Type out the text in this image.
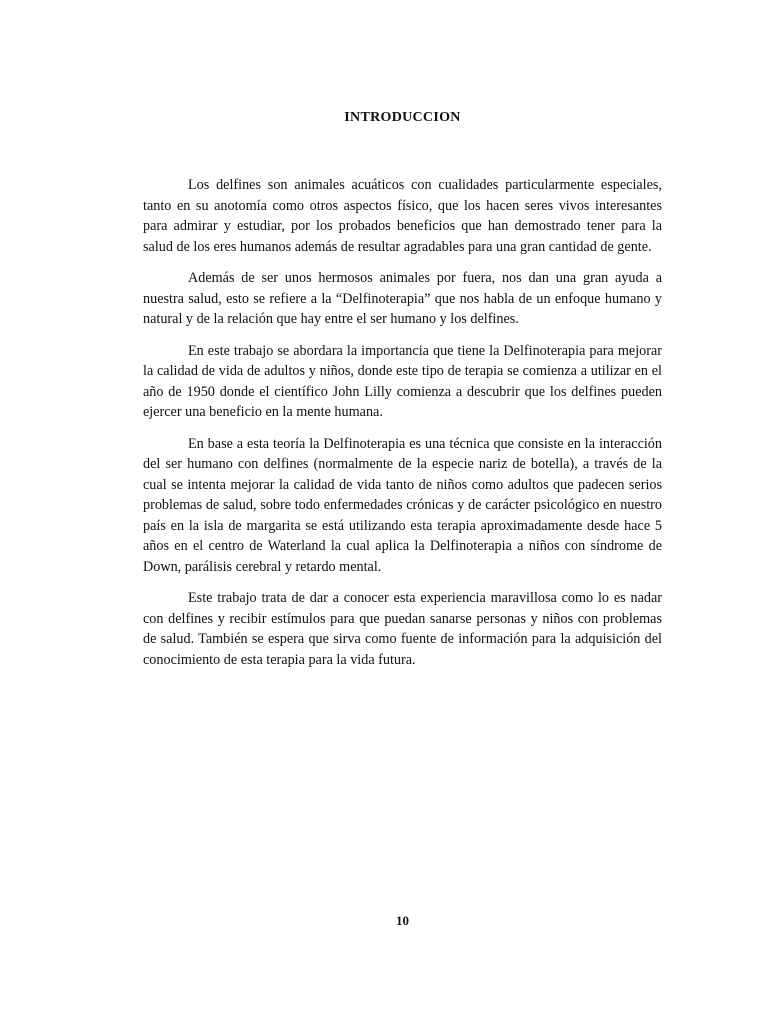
INTRODUCCION

Los delfines son animales acuáticos con cualidades particularmente especiales, tanto en su anotomía como otros aspectos físico, que los hacen seres vivos interesantes para admirar y estudiar, por los probados beneficios que han demostrado tener para la salud de los eres humanos además de resultar agradables para una gran cantidad de gente.

Además de ser unos hermosos animales por fuera, nos dan una gran ayuda a nuestra salud, esto se refiere a la “Delfinoterapia” que nos habla de un enfoque humano y natural y de la relación que hay entre el ser humano y los delfines.

En este trabajo se abordara la importancia que tiene la Delfinoterapia para mejorar la calidad de vida de adultos y niños, donde este tipo de terapia se comienza a utilizar en el año de 1950 donde el científico John Lilly comienza a descubrir que los delfines pueden ejercer una beneficio en la mente humana.

En base a esta teoría la Delfinoterapia es una técnica que consiste en la interacción del ser humano con delfines (normalmente de la especie nariz de botella), a través de la cual se intenta mejorar la calidad de vida tanto de niños como adultos que padecen serios problemas de salud, sobre todo enfermedades crónicas y de carácter psicológico en nuestro país en la isla de margarita se está utilizando esta terapia aproximadamente desde hace 5 años en el centro de Waterland la cual aplica la Delfinoterapia a niños con síndrome de Down, parálisis cerebral y retardo mental.

Este trabajo trata de dar a conocer esta experiencia maravillosa como lo es nadar con delfines y recibir estímulos para que puedan sanarse personas y niños con problemas de salud. También se espera que sirva como fuente de información para la adquisición del conocimiento de esta terapia para la vida futura.

10
